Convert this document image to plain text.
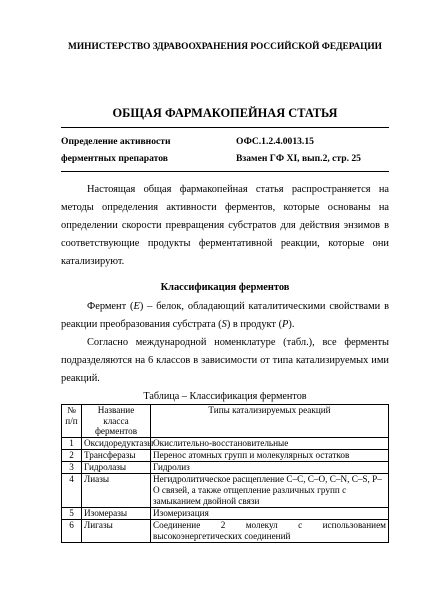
МИНИСТЕРСТВО ЗДРАВООХРАНЕНИЯ РОССИЙСКОЙ ФЕДЕРАЦИИ
ОБЩАЯ ФАРМАКОПЕЙНАЯ СТАТЬЯ
Определение активности	ОФС.1.2.4.0013.15
ферментных препаратов	Взамен ГФ XI, вып.2, стр. 25

Настоящая общая фармакопейная статья распространяется на методы определения активности ферментов, которые основаны на определении скорости превращения субстратов для действия энзимов в соответствующие продукты ферментативной реакции, которые они катализируют.

Классификация ферментов

Фермент (E) – белок, обладающий каталитическими свойствами в реакции преобразования субстрата (S) в продукт (P).

Согласно международной номенклатуре (табл.), все ферменты подразделяются на 6 классов в зависимости от типа катализируемых ими реакций.

Таблица – Классификация ферментов
№ п/п	Название класса ферментов	Типы катализируемых реакций
1	Оксидоредуктазы	Окислительно-восстановительные
2	Трансферазы	Перенос атомных групп и молекулярных остатков
3	Гидролазы	Гидролиз
4	Лиазы	Негидролитическое расщепление С–С, С–О, С–N, С–S, Р–О связей, а также отщепление различных групп с замыканием двойной связи
5	Изомеразы	Изомеризация
6	Лигазы	Соединение 2 молекул с использованием высокоэнергетических соединений
